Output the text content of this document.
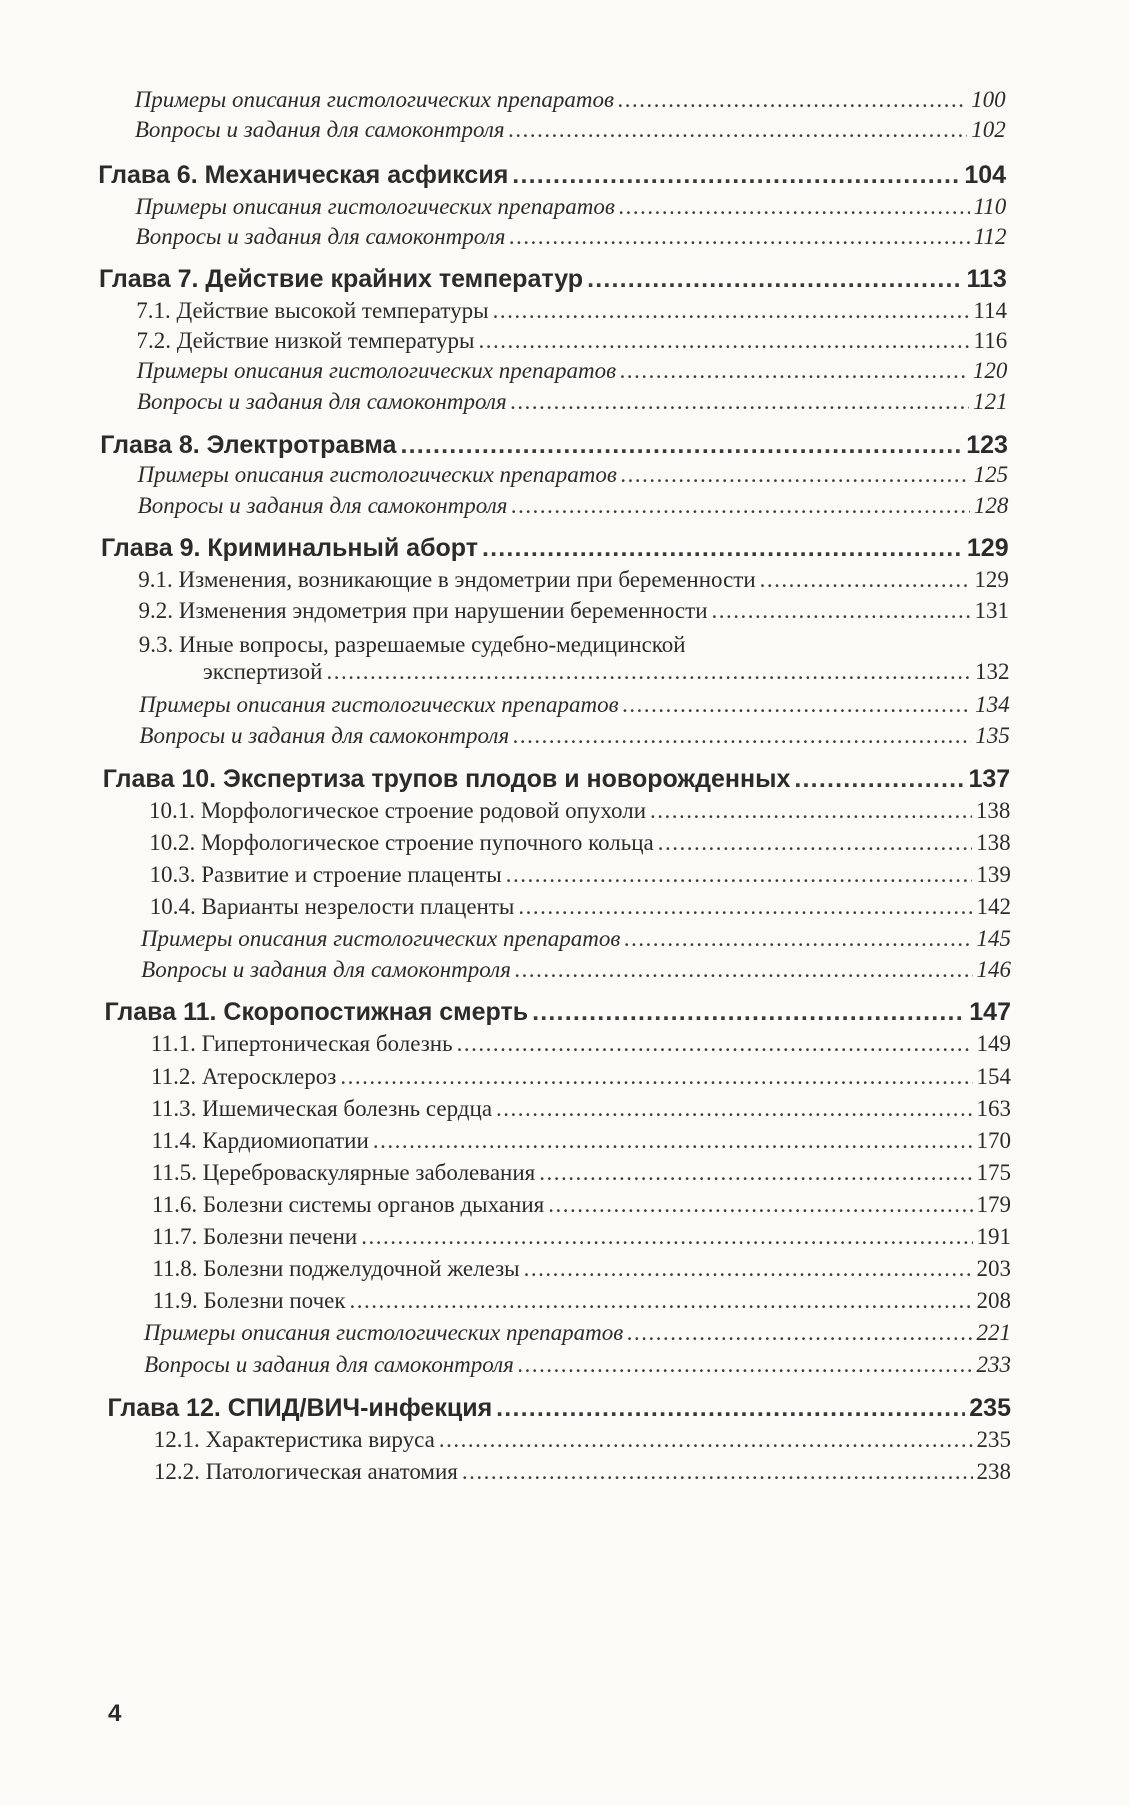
Примеры описания гистологических препаратов .....	100
Вопросы и задания для самоконтроля .....	102
Глава 6. Механическая асфиксия .....	104
Примеры описания гистологических препаратов .....	110
Вопросы и задания для самоконтроля .....	112
Глава 7. Действие крайних температур .....	113
7.1. Действие высокой температуры .....	114
7.2. Действие низкой температуры .....	116
Примеры описания гистологических препаратов .....	120
Вопросы и задания для самоконтроля .....	121
Глава 8. Электротравма .....	123
Примеры описания гистологических препаратов .....	125
Вопросы и задания для самоконтроля .....	128
Глава 9. Криминальный аборт .....	129
9.1. Изменения, возникающие в эндометрии при беременности .....	129
9.2. Изменения эндометрия при нарушении беременности .....	131
9.3. Иные вопросы, разрешаемые судебно-медицинской
экспертизой .....	132
Примеры описания гистологических препаратов .....	134
Вопросы и задания для самоконтроля .....	135
Глава 10. Экспертиза трупов плодов и новорожденных .....	137
10.1. Морфологическое строение родовой опухоли .....	138
10.2. Морфологическое строение пупочного кольца .....	138
10.3. Развитие и строение плаценты .....	139
10.4. Варианты незрелости плаценты .....	142
Примеры описания гистологических препаратов .....	145
Вопросы и задания для самоконтроля .....	146
Глава 11. Скоропостижная смерть .....	147
11.1. Гипертоническая болезнь .....	149
11.2. Атеросклероз .....	154
11.3. Ишемическая болезнь сердца .....	163
11.4. Кардиомиопатии .....	170
11.5. Цереброваскулярные заболевания .....	175
11.6. Болезни системы органов дыхания .....	179
11.7. Болезни печени .....	191
11.8. Болезни поджелудочной железы .....	203
11.9. Болезни почек .....	208
Примеры описания гистологических препаратов .....	221
Вопросы и задания для самоконтроля .....	233
Глава 12. СПИД/ВИЧ-инфекция .....	235
12.1. Характеристика вируса .....	235
12.2. Патологическая анатомия .....	238
4
